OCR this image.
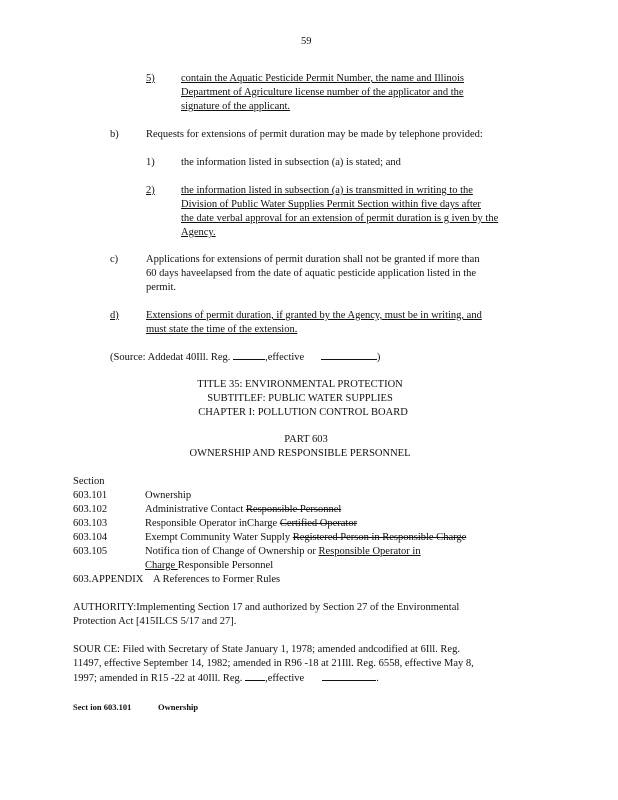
59
5)	contain the Aquatic Pesticide Permit Number, the name and Illinois
Department of Agriculture license number of the applicator and the
signature of the applicant.
b)	Requests for extensions of permit duration may be made by telephone provided:
1)	the information listed in subsection (a) is stated; and
2)	the information listed in subsection (a) is transmitted in writing to the
Division of Public Water Supplies Permit Section within five days after
the date verbal approval for an extension of permit duration is g iven by the
Agency.
c)	Applications for extensions of permit duration shall not be granted if more than
60 days haveelapsed from the date of aquatic pesticide application listed in the
permit.
d)	Extensions of permit duration, if granted by the Agency, must be in writing, and
must state the time of the extension.
(Source: Addedat 40Ill. Reg.	,effective	)
TITLE 35: ENVIRONMENTAL PROTECTION
SUBTITLEF: PUBLIC WATER SUPPLIES
CHAPTER I: POLLUTION CONTROL BOARD
PART 603
OWNERSHIP AND RESPONSIBLE PERSONNEL
Section
603.101	Ownership
603.102	Administrative Contact Responsible Personnel
603.103	Responsible Operator inCharge Certified Operator
603.104	Exempt Community Water Supply Registered Person in Responsible Charge
603.105	Notifica tion of Change of Ownership or Responsible Operator in
Charge Responsible Personnel
603.APPENDIX A References to Former Rules
AUTHORITY:Implementing Section 17 and authorized by Section 27 of the Environmental
Protection Act [415ILCS 5/17 and 27].
SOUR CE: Filed with Secretary of State January 1, 1978; amended andcodified at 6Ill. Reg.
11497, effective September 14, 1982; amended in R96 -18 at 21Ill. Reg. 6558, effective May 8,
1997; amended in R15 -22 at 40Ill. Reg. ,effective	.
Sect ion 603.101	Ownership
